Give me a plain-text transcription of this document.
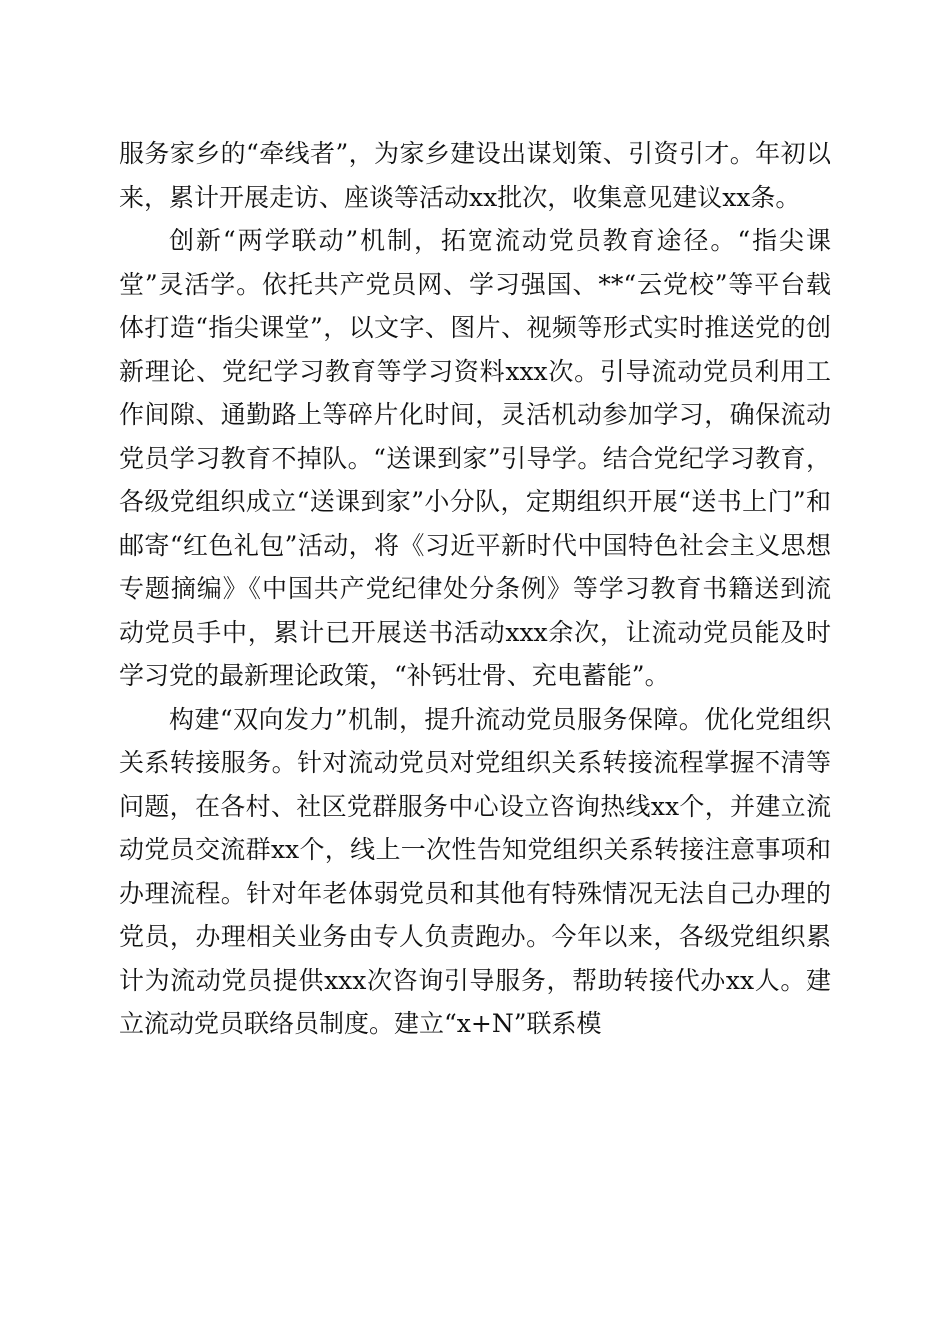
服务家乡的“牵线者”，为家乡建设出谋划策、引资引才。年初以来，累计开展走访、座谈等活动xx批次，收集意见建议xx条。

创新“两学联动”机制，拓宽流动党员教育途径。“指尖课堂”灵活学。依托共产党员网、学习强国、**“云党校”等平台载体打造“指尖课堂”，以文字、图片、视频等形式实时推送党的创新理论、党纪学习教育等学习资料xxx次。引导流动党员利用工作间隙、通勤路上等碎片化时间，灵活机动参加学习，确保流动党员学习教育不掉队。“送课到家”引导学。结合党纪学习教育，各级党组织成立“送课到家”小分队，定期组织开展“送书上门”和邮寄“红色礼包”活动，将《习近平新时代中国特色社会主义思想专题摘编》《中国共产党纪律处分条例》等学习教育书籍送到流动党员手中，累计已开展送书活动xxx余次，让流动党员能及时学习党的最新理论政策，“补钙壮骨、充电蓄能”。

构建“双向发力”机制，提升流动党员服务保障。优化党组织关系转接服务。针对流动党员对党组织关系转接流程掌握不清等问题，在各村、社区党群服务中心设立咨询热线xx个，并建立流动党员交流群xx个，线上一次性告知党组织关系转接注意事项和办理流程。针对年老体弱党员和其他有特殊情况无法自己办理的党员，办理相关业务由专人负责跑办。今年以来，各级党组织累计为流动党员提供xxx次咨询引导服务，帮助转接代办xx人。建立流动党员联络员制度。建立“x+N”联系模
